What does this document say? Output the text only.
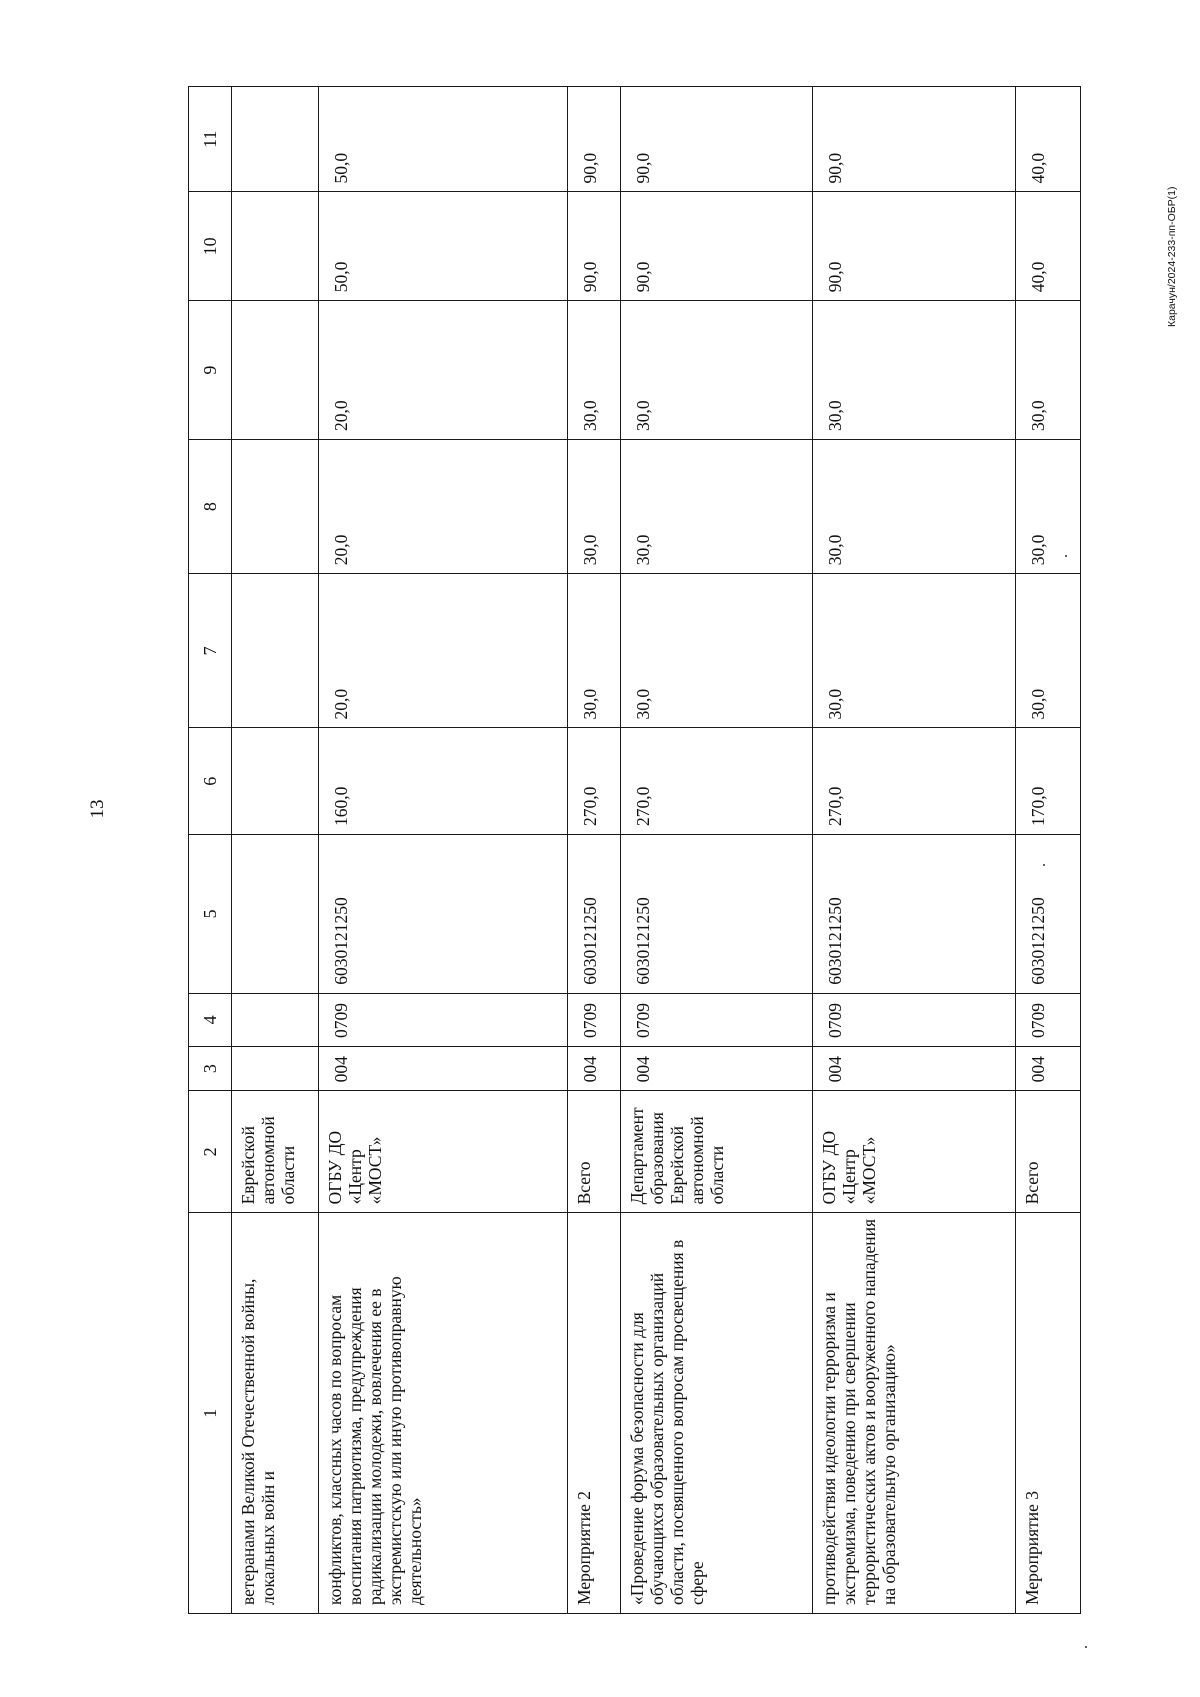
13
Карачун/2024-233-пп-ОБР(1)
1	2	3	4	5	6	7	8	9	10	11
ветеранами Великой Отечественной войны, локальных войн и	Еврейской автономной области									
конфликтов, классных часов по вопросам воспитания патриотизма, предупреждения радикализации молодежи, вовлечения ее в экстремистскую или иную противоправную деятельность»	ОГБУ ДО «Центр «МОСТ»	004	0709	6030121250	160,0	20,0	20,0	20,0	50,0	50,0
Мероприятие 2	Всего	004	0709	6030121250	270,0	30,0	30,0	30,0	90,0	90,0
«Проведение форума безопасности для обучающихся образовательных организаций области, посвященного вопросам просвещения в сфере	Департамент образования Еврейской автономной области	004	0709	6030121250	270,0	30,0	30,0	30,0	90,0	90,0
противодействия идеологии терроризма и экстремизма, поведению при свершении террористических актов и вооруженного нападения на образовательную организацию»	ОГБУ ДО «Центр «МОСТ»	004	0709	6030121250	270,0	30,0	30,0	30,0	90,0	90,0
Мероприятие 3	Всего	004	0709	6030121250	170,0	30,0	30,0	30,0	40,0	40,0
